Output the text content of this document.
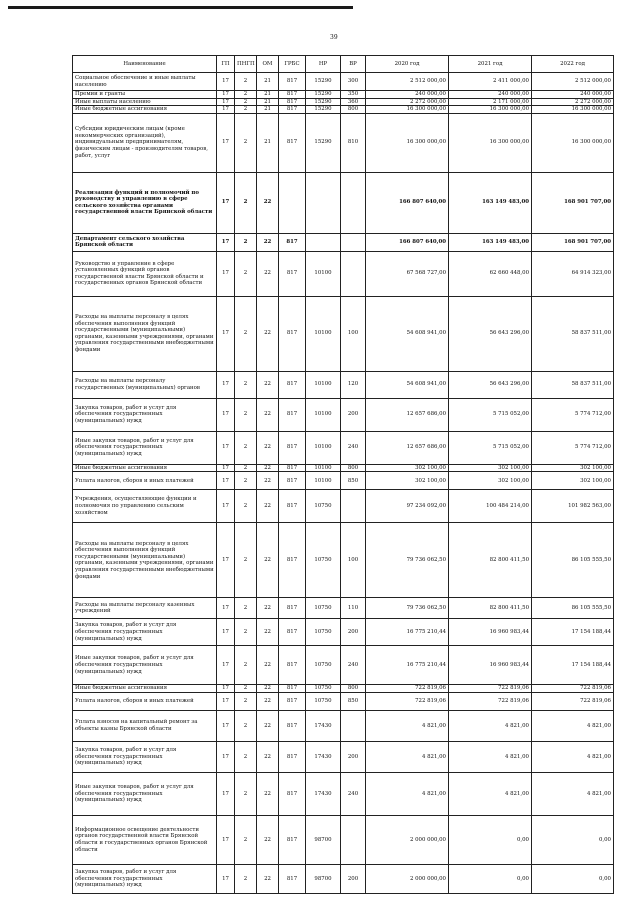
39
Наименование	ГП	ПНГП	ОМ	ГРБС	НР	ВР	2020 год	2021 год	2022 год
Социальное обеспечение и иные выплаты населению	17	2	21	817	15290	300	2 512 000,00	2 411 000,00	2 512 000,00
Премии и гранты	17	2	21	817	15290	350	240 000,00	240 000,00	240 000,00
Иные выплаты населению	17	2	21	817	15290	360	2 272 000,00	2 171 000,00	2 272 000,00
Иные бюджетные ассигнования	17	2	21	817	15290	800	16 300 000,00	16 300 000,00	16 300 000,00
Субсидии юридическим лицам (кроме некоммерческих организаций), индивидуальным предпринимателям, физическим лицам - производителям товаров, работ, услуг	17	2	21	817	15290	810	16 300 000,00	16 300 000,00	16 300 000,00
Реализация функций и полномочий по руководству и управлению в сфере сельского хозяйства органами государственной власти Брянской области	17	2	22				166 807 640,00	163 149 483,00	168 901 707,00
Департамент сельского хозяйства Брянской области	17	2	22	817			166 807 640,00	163 149 483,00	168 901 707,00
Руководство и управление в сфере установленных функций органов государственной власти Брянской области и государственных органов Брянской области	17	2	22	817	10100		67 568 727,00	62 660 448,00	64 914 323,00
Расходы на выплаты персоналу в целях обеспечения выполнения функций государственными (муниципальными) органами, казенными учреждениями, органами управления государственными внебюджетными фондами	17	2	22	817	10100	100	54 608 941,00	56 643 296,00	58 837 511,00
Расходы на выплаты персоналу государственных (муниципальных) органов	17	2	22	817	10100	120	54 608 941,00	56 643 296,00	58 837 511,00
Закупка товаров, работ и услуг для обеспечения государственных (муниципальных) нужд	17	2	22	817	10100	200	12 657 686,00	5 715 052,00	5 774 712,00
Иные закупки товаров, работ и услуг для обеспечения государственных (муниципальных) нужд	17	2	22	817	10100	240	12 657 686,00	5 715 052,00	5 774 712,00
Иные бюджетные ассигнования	17	2	22	817	10100	800	302 100,00	302 100,00	302 100,00
Уплата налогов, сборов и иных платежей	17	2	22	817	10100	850	302 100,00	302 100,00	302 100,00
Учреждения, осуществляющие функции и полномочия по управлению сельским хозяйством	17	2	22	817	10750		97 234 092,00	100 484 214,00	101 982 563,00
Расходы на выплаты персоналу в целях обеспечения выполнения функций государственными (муниципальными) органами, казенными учреждениями, органами управления государственными внебюджетными фондами	17	2	22	817	10750	100	79 736 062,50	82 800 411,50	86 105 555,50
Расходы на выплаты персоналу казенных учреждений	17	2	22	817	10750	110	79 736 062,50	82 800 411,50	86 105 555,50
Закупка товаров, работ и услуг для обеспечения государственных (муниципальных) нужд	17	2	22	817	10750	200	16 775 210,44	16 960 983,44	17 154 188,44
Иные закупки товаров, работ и услуг для обеспечения государственных (муниципальных) нужд	17	2	22	817	10750	240	16 775 210,44	16 960 983,44	17 154 188,44
Иные бюджетные ассигнования	17	2	22	817	10750	800	722 819,06	722 819,06	722 819,06
Уплата налогов, сборов и иных платежей	17	2	22	817	10750	850	722 819,06	722 819,06	722 819,06
Уплата взносов на капитальный ремонт за объекты казны Брянской области	17	2	22	817	17430		4 821,00	4 821,00	4 821,00
Закупка товаров, работ и услуг для обеспечения государственных (муниципальных) нужд	17	2	22	817	17430	200	4 821,00	4 821,00	4 821,00
Иные закупки товаров, работ и услуг для обеспечения государственных (муниципальных) нужд	17	2	22	817	17430	240	4 821,00	4 821,00	4 821,00
Информационное освещение деятельности органов государственной власти Брянской области и государственных органов Брянской области	17	2	22	817	98700		2 000 000,00	0,00	0,00
Закупка товаров, работ и услуг для обеспечения государственных (муниципальных) нужд	17	2	22	817	98700	200	2 000 000,00	0,00	0,00
